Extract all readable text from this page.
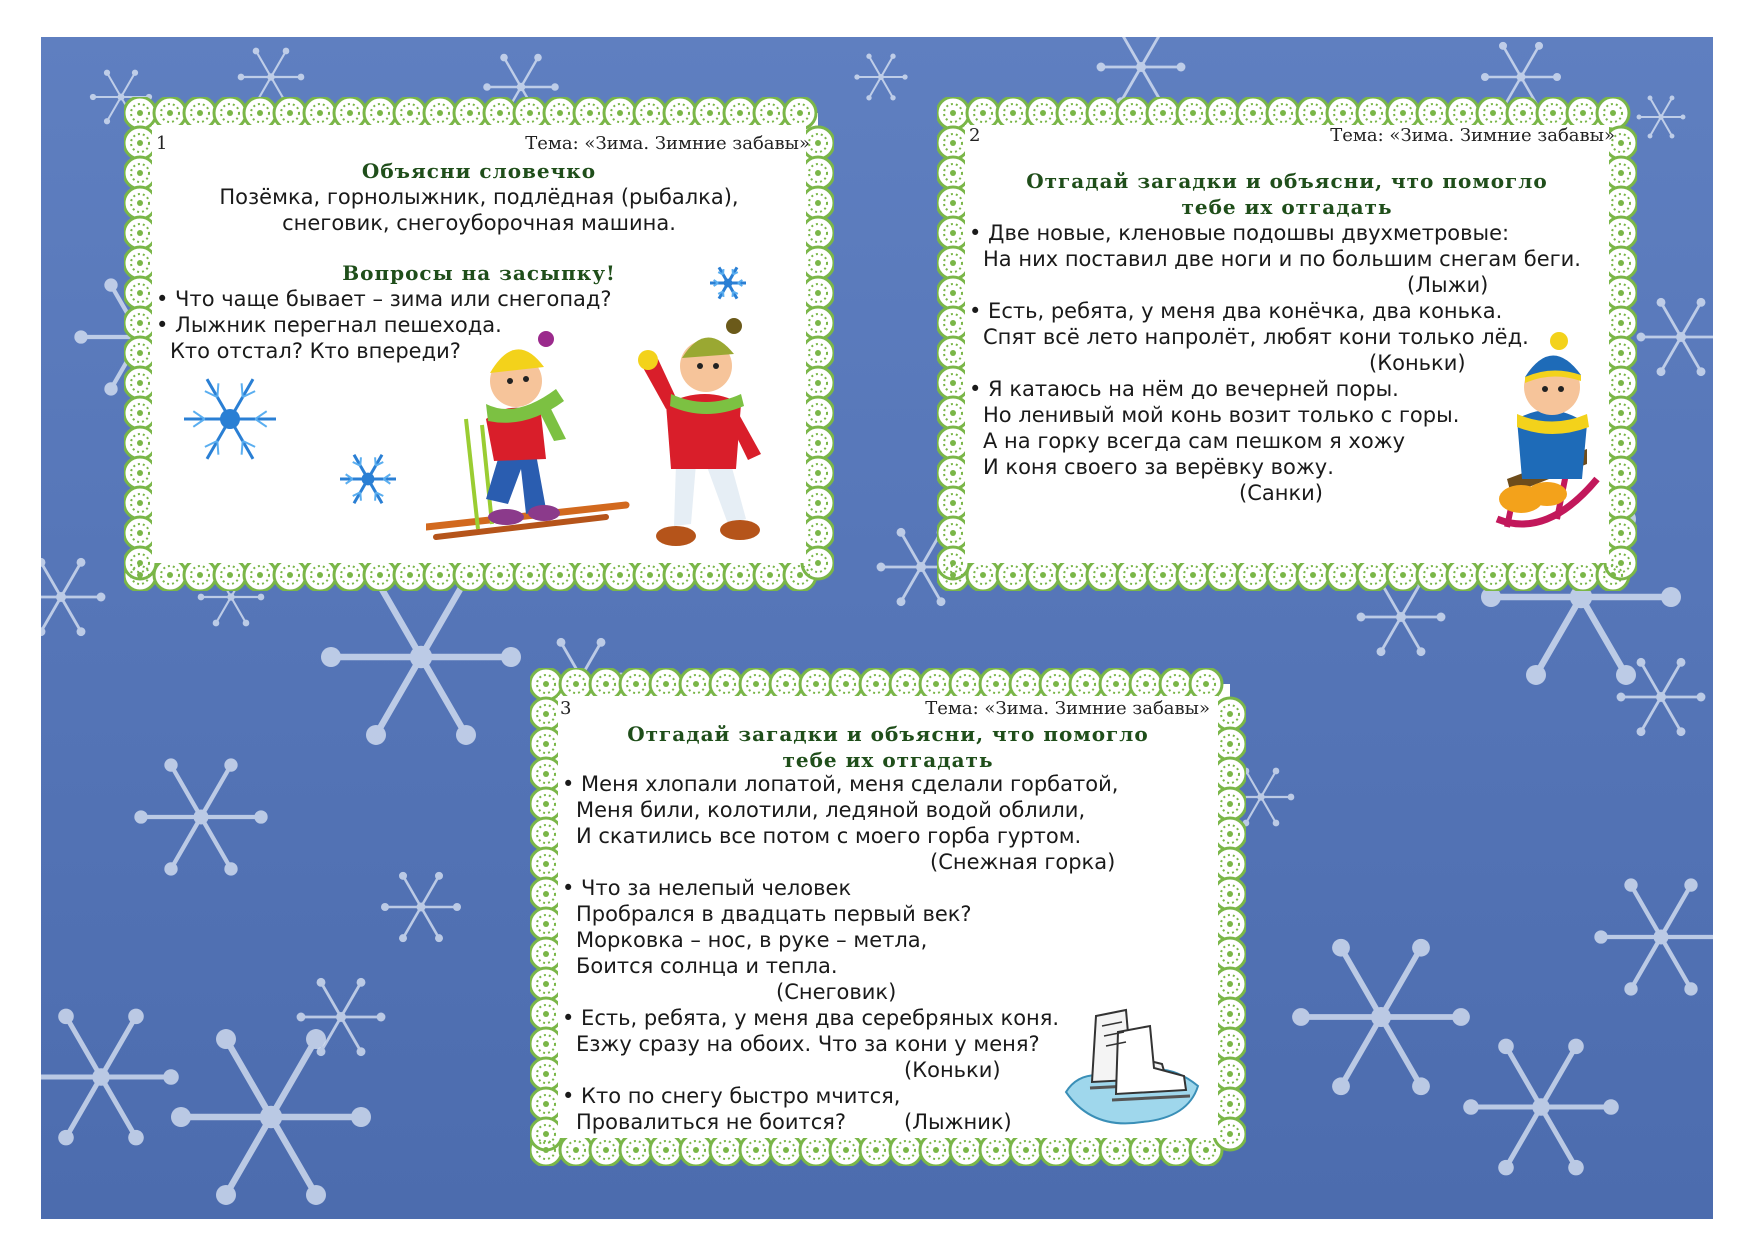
1	Тема: «Зима. Зимние забавы»
Объясни словечко
Позёмка, горнолыжник, подлёдная (рыбалка),
снеговик, снегоуборочная машина.
Вопросы на засыпку!
• Что чаще бывает – зима или снегопад?
• Лыжник перегнал пешехода.
Кто отстал? Кто впереди?
2	Тема: «Зима. Зимние забавы»
Отгадай загадки и объясни, что помогло
тебе их отгадать
• Две новые, кленовые подошвы двухметровые:
На них поставил две ноги и по большим снегам беги.
(Лыжи)
• Есть, ребята, у меня два конёчка, два конька.
Спят всё лето напролёт, любят кони только лёд.
(Коньки)
• Я катаюсь на нём до вечерней поры.
Но ленивый мой конь возит только с горы.
А на горку всегда сам пешком я хожу
И коня своего за верёвку вожу.
(Санки)
3	Тема: «Зима. Зимние забавы»
Отгадай загадки и объясни, что помогло
тебе их отгадать
• Меня хлопали лопатой, меня сделали горбатой,
Меня били, колотили, ледяной водой облили,
И скатились все потом с моего горба гуртом.
(Снежная горка)
• Что за нелепый человек
Пробрался в двадцать первый век?
Морковка – нос, в руке – метла,
Боится солнца и тепла.
(Снеговик)
• Есть, ребята, у меня два серебряных коня.
Езжу сразу на обоих. Что за кони у меня?
(Коньки)
• Кто по снегу быстро мчится,
Провалиться не боится?	(Лыжник)
